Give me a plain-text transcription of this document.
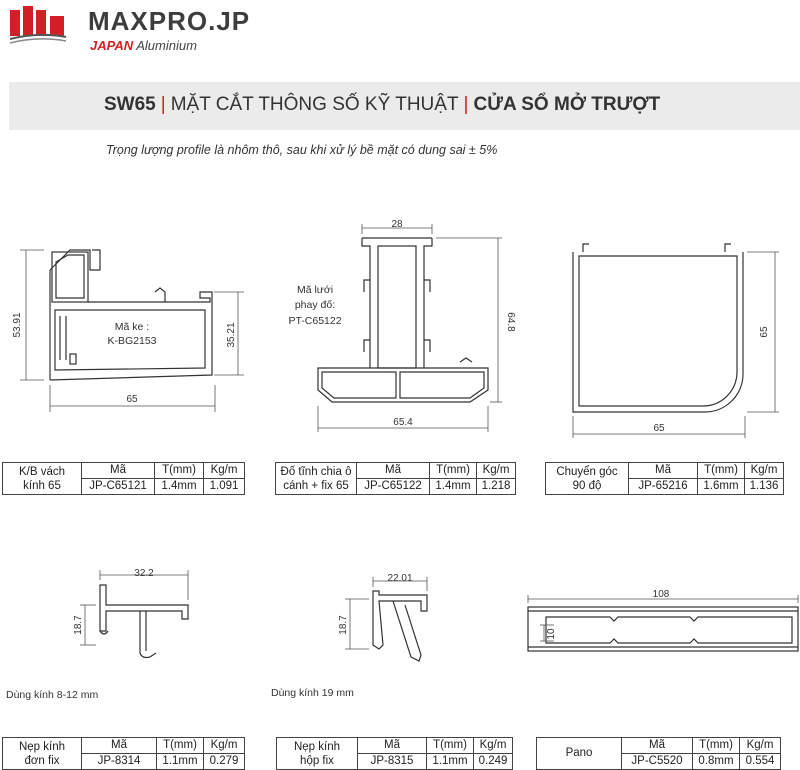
MAXPRO.JP
JAPAN Aluminium
SW65 | MẶT CẮT THÔNG SỐ KỸ THUẬT | CỬA SỔ MỞ TRƯỢT
Trọng lượng profile là nhôm thô, sau khi xử lý bề mặt có dung sai ± 5%
53.91	35.21
65
Mã ke :
K-BG2153
28
64.8
65.4
Mã lưới
phay đố:
PT-C65122
65
65
K/B vách
kính 65	Mã	T(mm)	Kg/m
	JP-C65121	1.4mm	1.091
Đố tĩnh chia ô
cánh + fix 65	Mã	T(mm)	Kg/m
	JP-C65122	1.4mm	1.218
Chuyển góc
90 độ	Mã	T(mm)	Kg/m
	JP-65216	1.6mm	1.136
32.2
18.7
Dùng kính 8-12 mm
22.01
18.7
Dùng kính 19 mm
108
10
Nẹp kính
đơn fix	Mã	T(mm)	Kg/m
	JP-8314	1.1mm	0.279
Nẹp kính
hộp fix	Mã	T(mm)	Kg/m
	JP-8315	1.1mm	0.249
Pano	Mã	T(mm)	Kg/m
	JP-C5520	0.8mm	0.554
